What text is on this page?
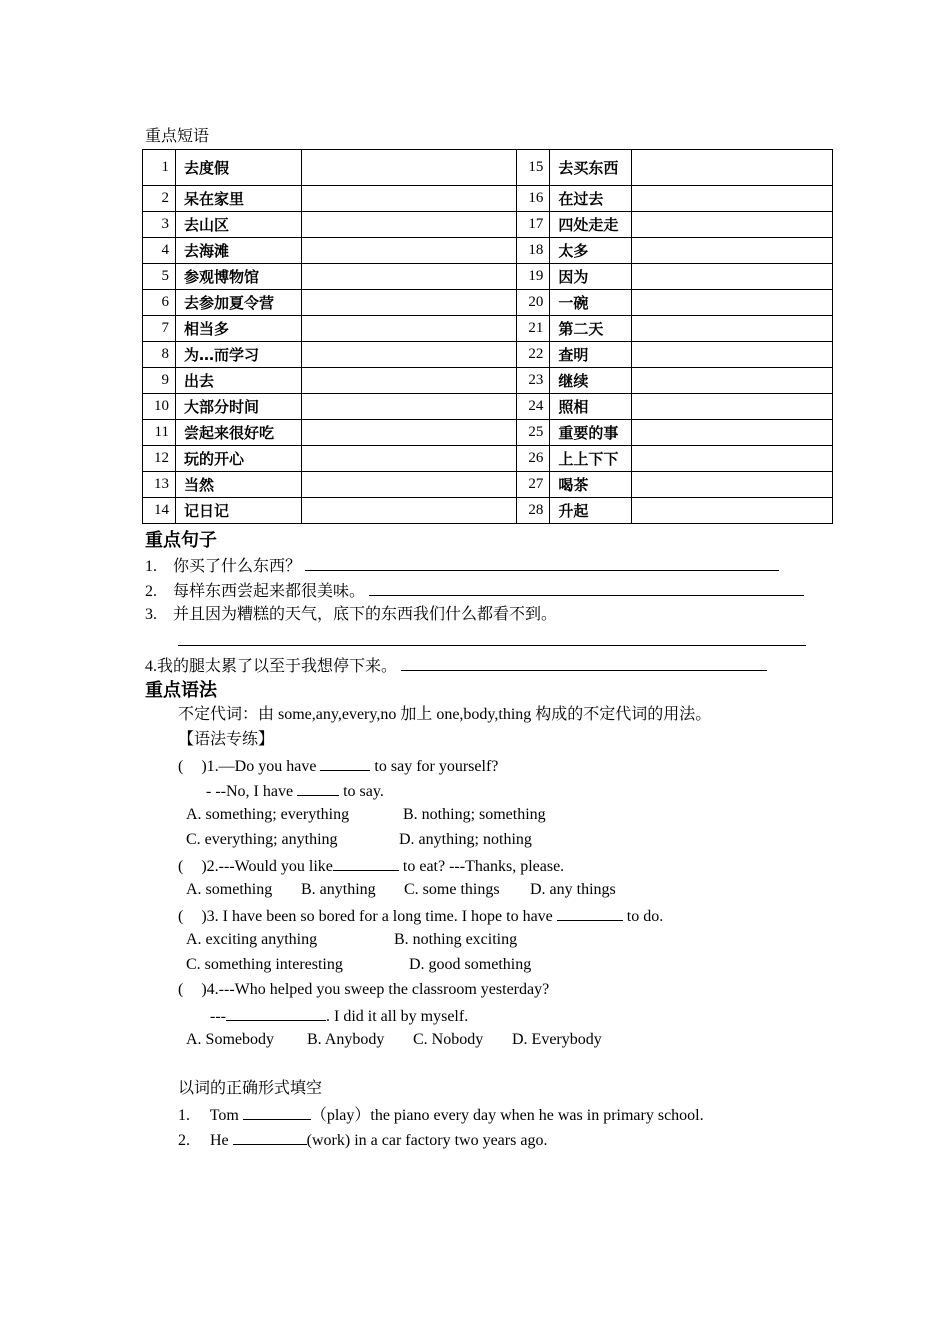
重点短语
1	去度假		15	去买东西	
2	呆在家里		16	在过去	
3	去山区		17	四处走走	
4	去海滩		18	太多	
5	参观博物馆		19	因为	
6	去参加夏令营		20	一碗	
7	相当多		21	第二天	
8	为…而学习		22	查明	
9	出去		23	继续	
10	大部分时间		24	照相	
11	尝起来很好吃		25	重要的事	
12	玩的开心		26	上上下下	
13	当然		27	喝茶	
14	记日记		28	升起	
重点句子
1. 你买了什么东西？
2. 每样东西尝起来都很美味。
3. 并且因为糟糕的天气，底下的东西我们什么都看不到。
4.我的腿太累了以至于我想停下来。
重点语法
不定代词：由 some,any,every,no 加上 one,body,thing 构成的不定代词的用法。
【语法专练】
( )1.—Do you have	to say for yourself?
- --No, I have	to say.
A. something; everything	B. nothing; something
C. everything; anything	D. anything; nothing
( )2.---Would you like	to eat? ---Thanks, please.
A. something B. anything C. some things D. any things
( )3. I have been so bored for a long time. I hope to have	to do.
A. exciting anything	B. nothing exciting
C. something interesting	D. good something
( )4.---Who helped you sweep the classroom yesterday?
---	. I did it all by myself.
A. Somebody B. Anybody C. Nobody D. Everybody
以词的正确形式填空
1. Tom	（play）the piano every day when he was in primary school.
2. He	(work) in a car factory two years ago.
